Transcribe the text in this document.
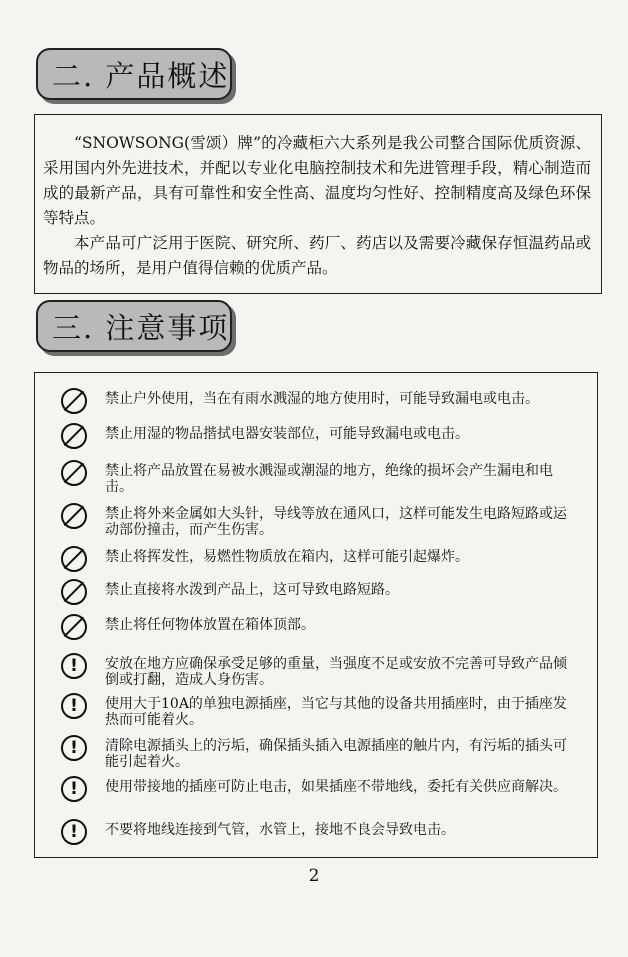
二. 产品概述

“SNOWSONG(雪颂）牌”的冷藏柜六大系列是我公司整合国际优质资源、采用国内外先进技术，并配以专业化电脑控制技术和先进管理手段，精心制造而成的最新产品，具有可靠性和安全性高、温度均匀性好、控制精度高及绿色环保等特点。

本产品可广泛用于医院、研究所、药厂、药店以及需要冷藏保存恒温药品或物品的场所，是用户值得信赖的优质产品。

三. 注意事项
禁止户外使用，当在有雨水溅湿的地方使用时，可能导致漏电或电击。
禁止用湿的物品揩拭电器安装部位，可能导致漏电或电击。
禁止将产品放置在易被水溅湿或潮湿的地方，绝缘的损坏会产生漏电和电击。
禁止将外来金属如大头针，导线等放在通风口，这样可能发生电路短路或运动部份撞击，而产生伤害。
禁止将挥发性，易燃性物质放在箱内，这样可能引起爆炸。
禁止直接将水泼到产品上，这可导致电路短路。
禁止将任何物体放置在箱体顶部。
!	安放在地方应确保承受足够的重量，当强度不足或安放不完善可导致产品倾倒或打翻，造成人身伤害。
!	使用大于10A的单独电源插座，当它与其他的设备共用插座时，由于插座发热而可能着火。
!	清除电源插头上的污垢，确保插头插入电源插座的触片内，有污垢的插头可能引起着火。
!	使用带接地的插座可防止电击，如果插座不带地线，委托有关供应商解决。
!	不要将地线连接到气管，水管上，接地不良会导致电击。
2
